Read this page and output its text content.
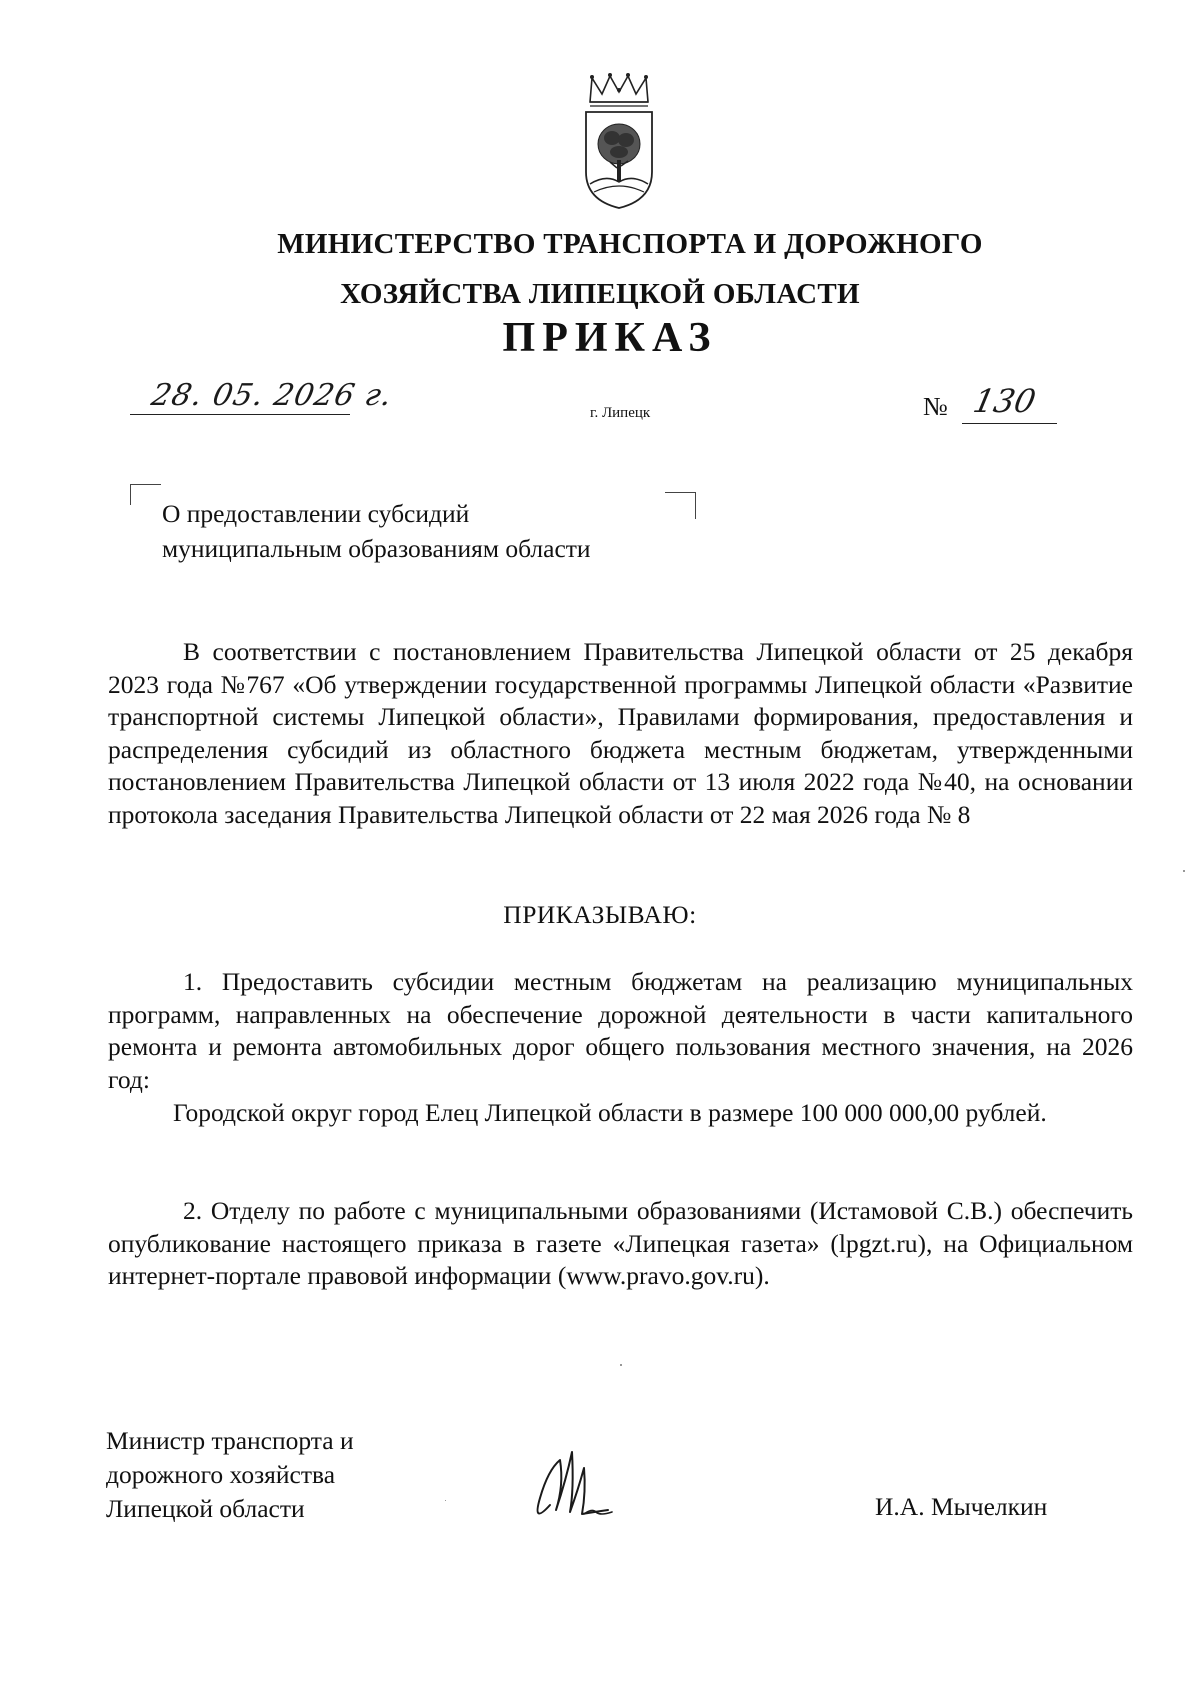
МИНИСТЕРСТВО ТРАНСПОРТА И ДОРОЖНОГО
ХОЗЯЙСТВА ЛИПЕЦКОЙ ОБЛАСТИ
ПРИКАЗ
28. 05. 2026 г.	г. Липецк	№ 130
О предоставлении субсидий
муниципальным образованиям области
В соответствии с постановлением Правительства Липецкой области от 25 декабря 2023 года №767 «Об утверждении государственной программы Липецкой области «Развитие транспортной системы Липецкой области», Правилами формирования, предоставления и распределения субсидий из областного бюджета местным бюджетам, утвержденными постановлением Правительства Липецкой области от 13 июля 2022 года №40, на основании протокола заседания Правительства Липецкой области от 22 мая 2026 года № 8
ПРИКАЗЫВАЮ:
1. Предоставить субсидии местным бюджетам на реализацию муниципальных программ, направленных на обеспечение дорожной деятельности в части капитального ремонта и ремонта автомобильных дорог общего пользования местного значения, на 2026 год:
Городской округ город Елец Липецкой области в размере 100 000 000,00 рублей.
2. Отделу по работе с муниципальными образованиями (Истамовой С.В.) обеспечить опубликование настоящего приказа в газете «Липецкая газета» (lpgzt.ru), на Официальном интернет-портале правовой информации (www.pravo.gov.ru).
Министр транспорта и
дорожного хозяйства
Липецкой области	И.А. Мычелкин
